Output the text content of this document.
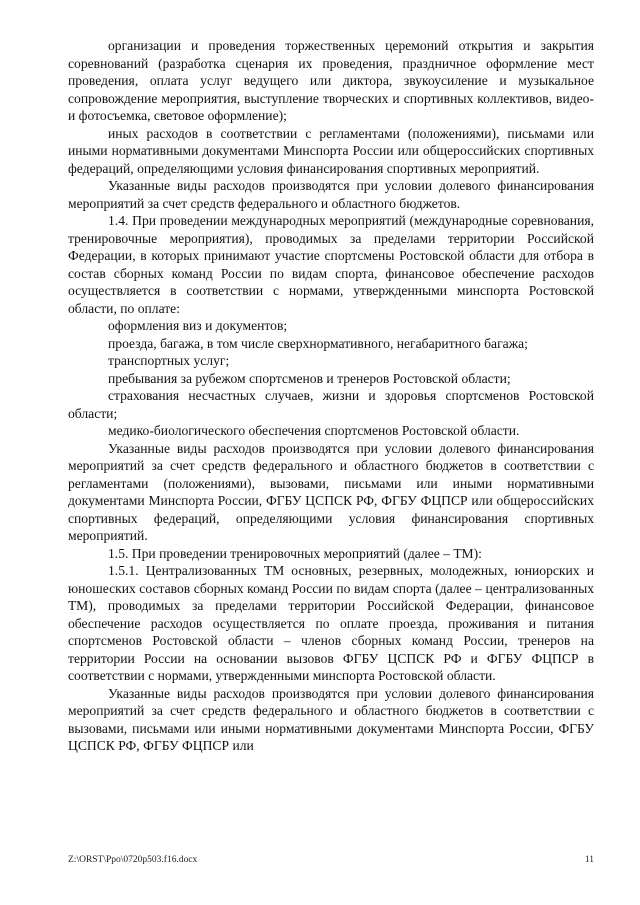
организации и проведения торжественных церемоний открытия и закрытия соревнований (разработка сценария их проведения, праздничное оформление мест проведения, оплата услуг ведущего или диктора, звукоусиление и музыкальное сопровождение мероприятия, выступление творческих и спортивных коллективов, видео- и фотосъемка, световое оформление);

иных расходов в соответствии с регламентами (положениями), письмами или иными нормативными документами Минспорта России или общероссийских спортивных федераций, определяющими условия финансирования спортивных мероприятий.

Указанные виды расходов производятся при условии долевого финансирования мероприятий за счет средств федерального и областного бюджетов.

1.4. При проведении международных мероприятий (международные соревнования, тренировочные мероприятия), проводимых за пределами территории Российской Федерации, в которых принимают участие спортсмены Ростовской области для отбора в состав сборных команд России по видам спорта, финансовое обеспечение расходов осуществляется в соответствии с нормами, утвержденными минспорта Ростовской области, по оплате:

оформления виз и документов;

проезда, багажа, в том числе сверхнормативного, негабаритного багажа;

транспортных услуг;

пребывания за рубежом спортсменов и тренеров Ростовской области;

страхования несчастных случаев, жизни и здоровья спортсменов Ростовской области;

медико-биологического обеспечения спортсменов Ростовской области.

Указанные виды расходов производятся при условии долевого финансирования мероприятий за счет средств федерального и областного бюджетов в соответствии с регламентами (положениями), вызовами, письмами или иными нормативными документами Минспорта России, ФГБУ ЦСПСК РФ, ФГБУ ФЦПСР или общероссийских спортивных федераций, определяющими условия финансирования спортивных мероприятий.

1.5. При проведении тренировочных мероприятий (далее – ТМ):

1.5.1. Централизованных ТМ основных, резервных, молодежных, юниорских и юношеских составов сборных команд России по видам спорта (далее – централизованных ТМ), проводимых за пределами территории Российской Федерации, финансовое обеспечение расходов осуществляется по оплате проезда, проживания и питания спортсменов Ростовской области – членов сборных команд России, тренеров на территории России на основании вызовов ФГБУ ЦСПСК РФ и ФГБУ ФЦПСР в соответствии с нормами, утвержденными минспорта Ростовской области.

Указанные виды расходов производятся при условии долевого финансирования мероприятий за счет средств федерального и областного бюджетов в соответствии с вызовами, письмами или иными нормативными документами Минспорта России, ФГБУ ЦСПСК РФ, ФГБУ ФЦПСР или

Z:\ORST\Ppo\0720p503.f16.docx	11
